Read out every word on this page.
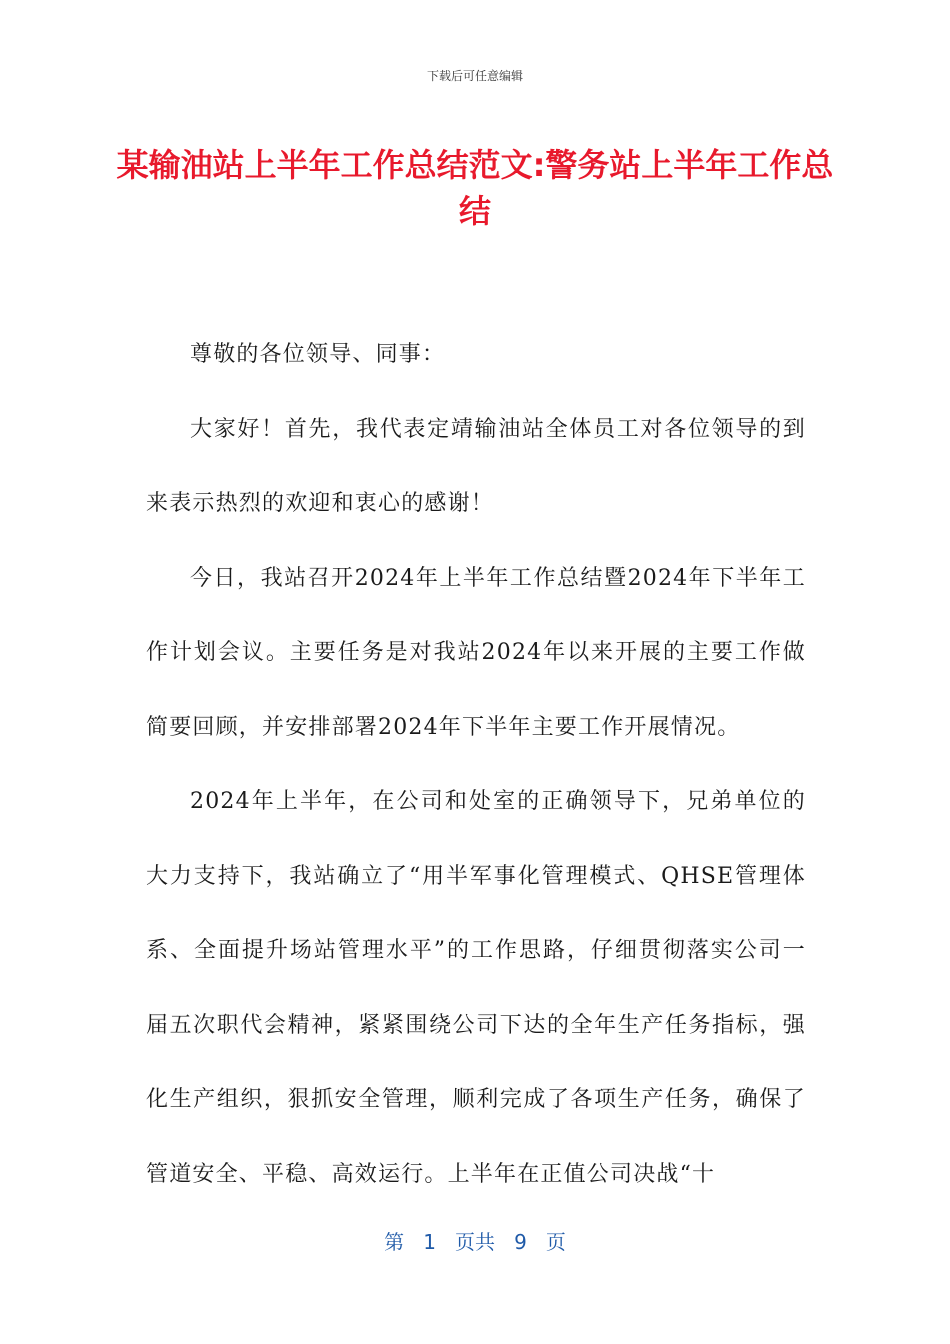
下载后可任意编辑
某输油站上半年工作总结范文:警务站上半年工作总结

尊敬的各位领导、同事：

大家好！首先，我代表定靖输油站全体员工对各位领导的到来表示热烈的欢迎和衷心的感谢！

今日，我站召开2024年上半年工作总结暨2024年下半年工作计划会议。主要任务是对我站2024年以来开展的主要工作做简要回顾，并安排部署2024年下半年主要工作开展情况。

2024年上半年，在公司和处室的正确领导下，兄弟单位的大力支持下，我站确立了“用半军事化管理模式、QHSE管理体系、全面提升场站管理水平”的工作思路，仔细贯彻落实公司一届五次职代会精神，紧紧围绕公司下达的全年生产任务指标，强化生产组织，狠抓安全管理，顺利完成了各项生产任务，确保了管道安全、平稳、高效运行。上半年在正值公司决战“十

第 1 页共 9 页
